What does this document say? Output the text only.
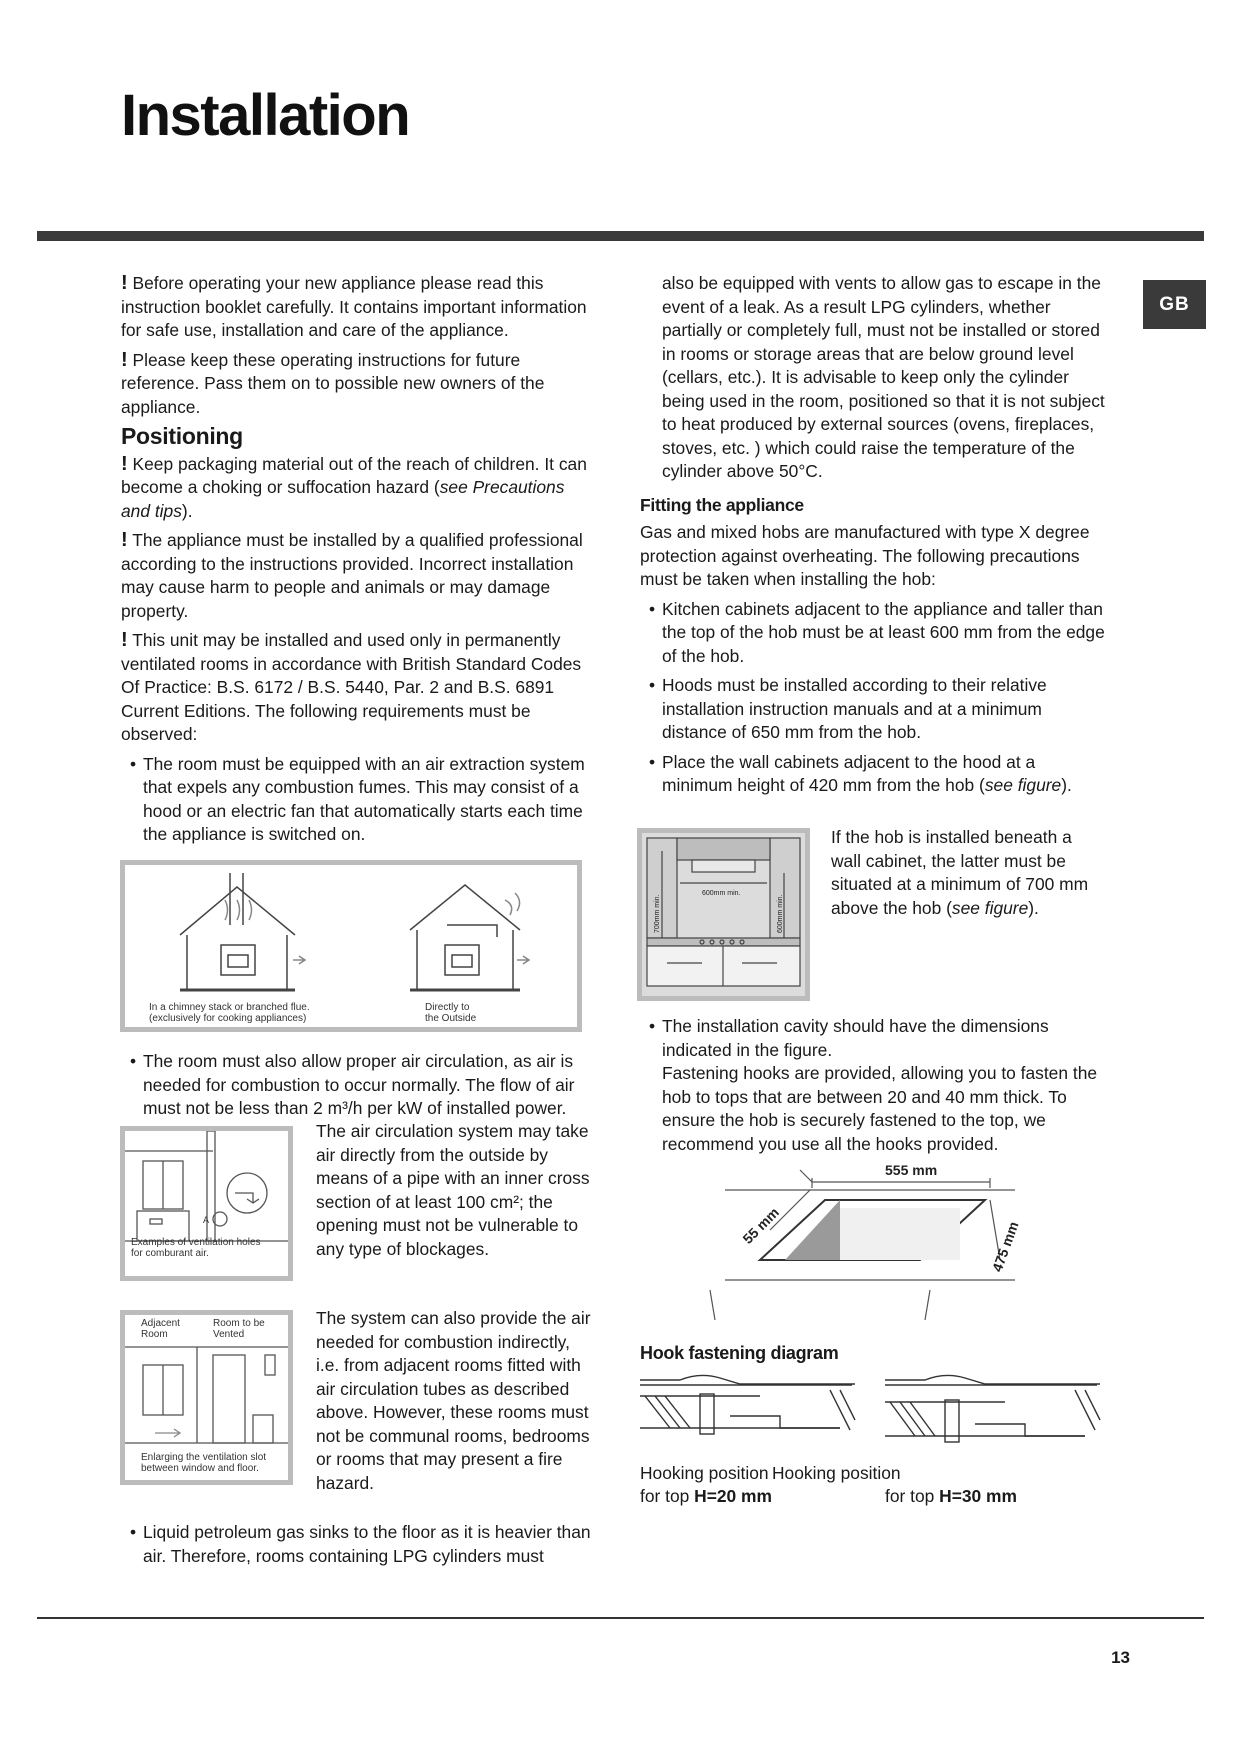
Installation
GB

! Before operating your new appliance please read this instruction booklet carefully. It contains important information for safe use, installation and care of the appliance.

! Please keep these operating instructions for future reference. Pass them on to possible new owners of the appliance.

Positioning

! Keep packaging material out of the reach of children. It can become a choking or suffocation hazard (see Precautions and tips).

! The appliance must be installed by a qualified professional according to the instructions provided. Incorrect installation may cause harm to people and animals or may damage property.

! This unit may be installed and used only in permanently ventilated rooms in accordance with British Standard Codes Of Practice: B.S. 6172 / B.S. 5440, Par. 2 and B.S. 6891 Current Editions. The following requirements must be observed:

• The room must be equipped with an air extraction system that expels any combustion fumes. This may consist of a hood or an electric fan that automatically starts each time the appliance is switched on.

In a chimney stack or branched flue.
(exclusively for cooking appliances)
Directly to
the Outside

• The room must also allow proper air circulation, as air is needed for combustion to occur normally. The flow of air must not be less than 2 m³/h per kW of installed power.

A
Examples of ventilation holes
for comburant air.

The air circulation system may take air directly from the outside by means of a pipe with an inner cross section of at least 100 cm²; the opening must not be vulnerable to any type of blockages.

Adjacent
Room
Room to be
Vented
Enlarging the ventilation slot
between window and floor.

The system can also provide the air needed for combustion indirectly, i.e. from adjacent rooms fitted with air circulation tubes as described above. However, these rooms must not be communal rooms, bedrooms or rooms that may present a fire hazard.

• Liquid petroleum gas sinks to the floor as it is heavier than air. Therefore, rooms containing LPG cylinders must

also be equipped with vents to allow gas to escape in the event of a leak. As a result LPG cylinders, whether partially or completely full, must not be installed or stored in rooms or storage areas that are below ground level (cellars, etc.). It is advisable to keep only the cylinder being used in the room, positioned so that it is not subject to heat produced by external sources (ovens, fireplaces, stoves, etc. ) which could raise the temperature of the cylinder above 50°C.

Fitting the appliance

Gas and mixed hobs are manufactured with type X degree protection against overheating. The following precautions must be taken when installing the hob:

• Kitchen cabinets adjacent to the appliance and taller than the top of the hob must be at least 600 mm from the edge of the hob.

• Hoods must be installed according to their relative installation instruction manuals and at a minimum distance of 650 mm from the hob.

• Place the wall cabinets adjacent to the hood at a minimum height of 420 mm from the hob (see figure).

600mm min.
700mm min.	600mm min.

If the hob is installed beneath a wall cabinet, the latter must be situated at a minimum of 700 mm above the hob (see figure).

• The installation cavity should have the dimensions indicated in the figure.

Fastening hooks are provided, allowing you to fasten the hob to tops that are between 20 and 40 mm thick. To ensure the hob is securely fastened to the top, we recommend you use all the hooks provided.

555 mm
55 mm	475 mm
Hook fastening diagram
Hooking position Hooking position
for top H=20 mm	for top H=30 mm
13
